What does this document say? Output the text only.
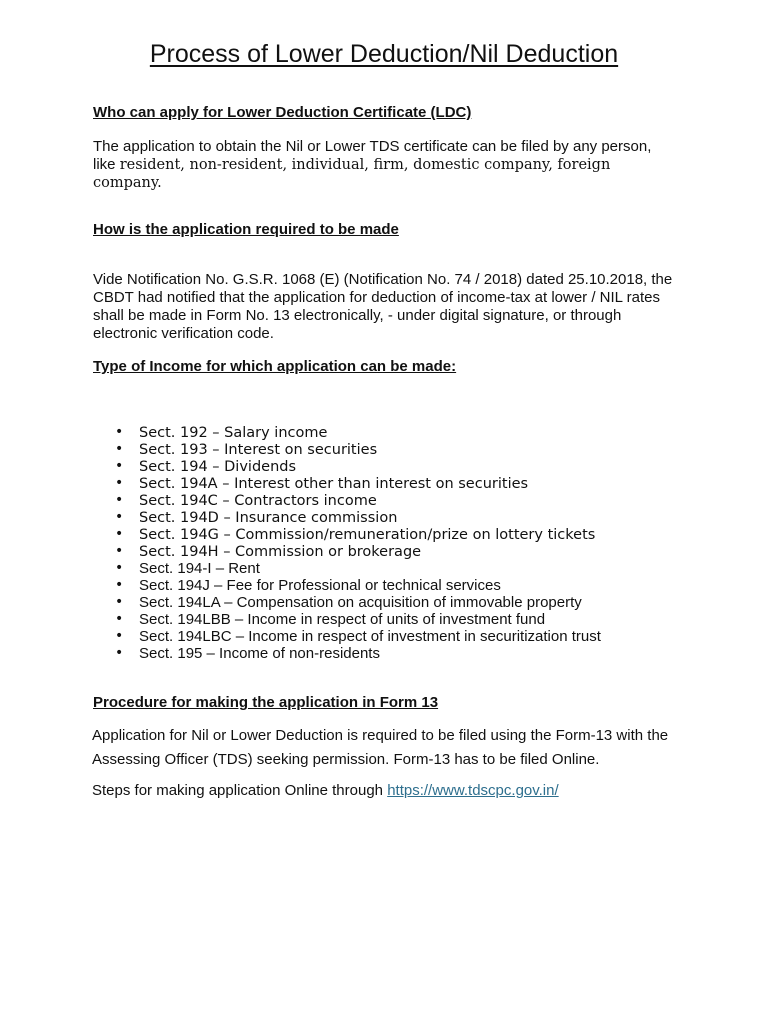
Process of Lower Deduction/Nil Deduction

Who can apply for Lower Deduction Certificate (LDC)

The application to obtain the Nil or Lower TDS certificate can be filed by any person,
like resident, non-resident, individual, firm, domestic company, foreign company.

How is the application required to be made

Vide Notification No. G.S.R. 1068 (E) (Notification No. 74 / 2018) dated 25.10.2018, the CBDT had notified that the application for deduction of income-tax at lower / NIL rates shall be made in Form No. 13 electronically, - under digital signature, or through electronic verification code.

Type of Income for which application can be made:

• Sect. 192 – Salary income
• Sect. 193 – Interest on securities
• Sect. 194 – Dividends
• Sect. 194A – Interest other than interest on securities
• Sect. 194C – Contractors income
• Sect. 194D – Insurance commission
• Sect. 194G – Commission/remuneration/prize on lottery tickets
• Sect. 194H – Commission or brokerage
• Sect. 194-I – Rent
• Sect. 194J – Fee for Professional or technical services
• Sect. 194LA – Compensation on acquisition of immovable property
• Sect. 194LBB – Income in respect of units of investment fund
• Sect. 194LBC – Income in respect of investment in securitization trust
• Sect. 195 – Income of non-residents

Procedure for making the application in Form 13

Application for Nil or Lower Deduction is required to be filed using the Form-13 with the Assessing Officer (TDS) seeking permission. Form-13 has to be filed Online.

Steps for making application Online through https://www.tdscpc.gov.in/
